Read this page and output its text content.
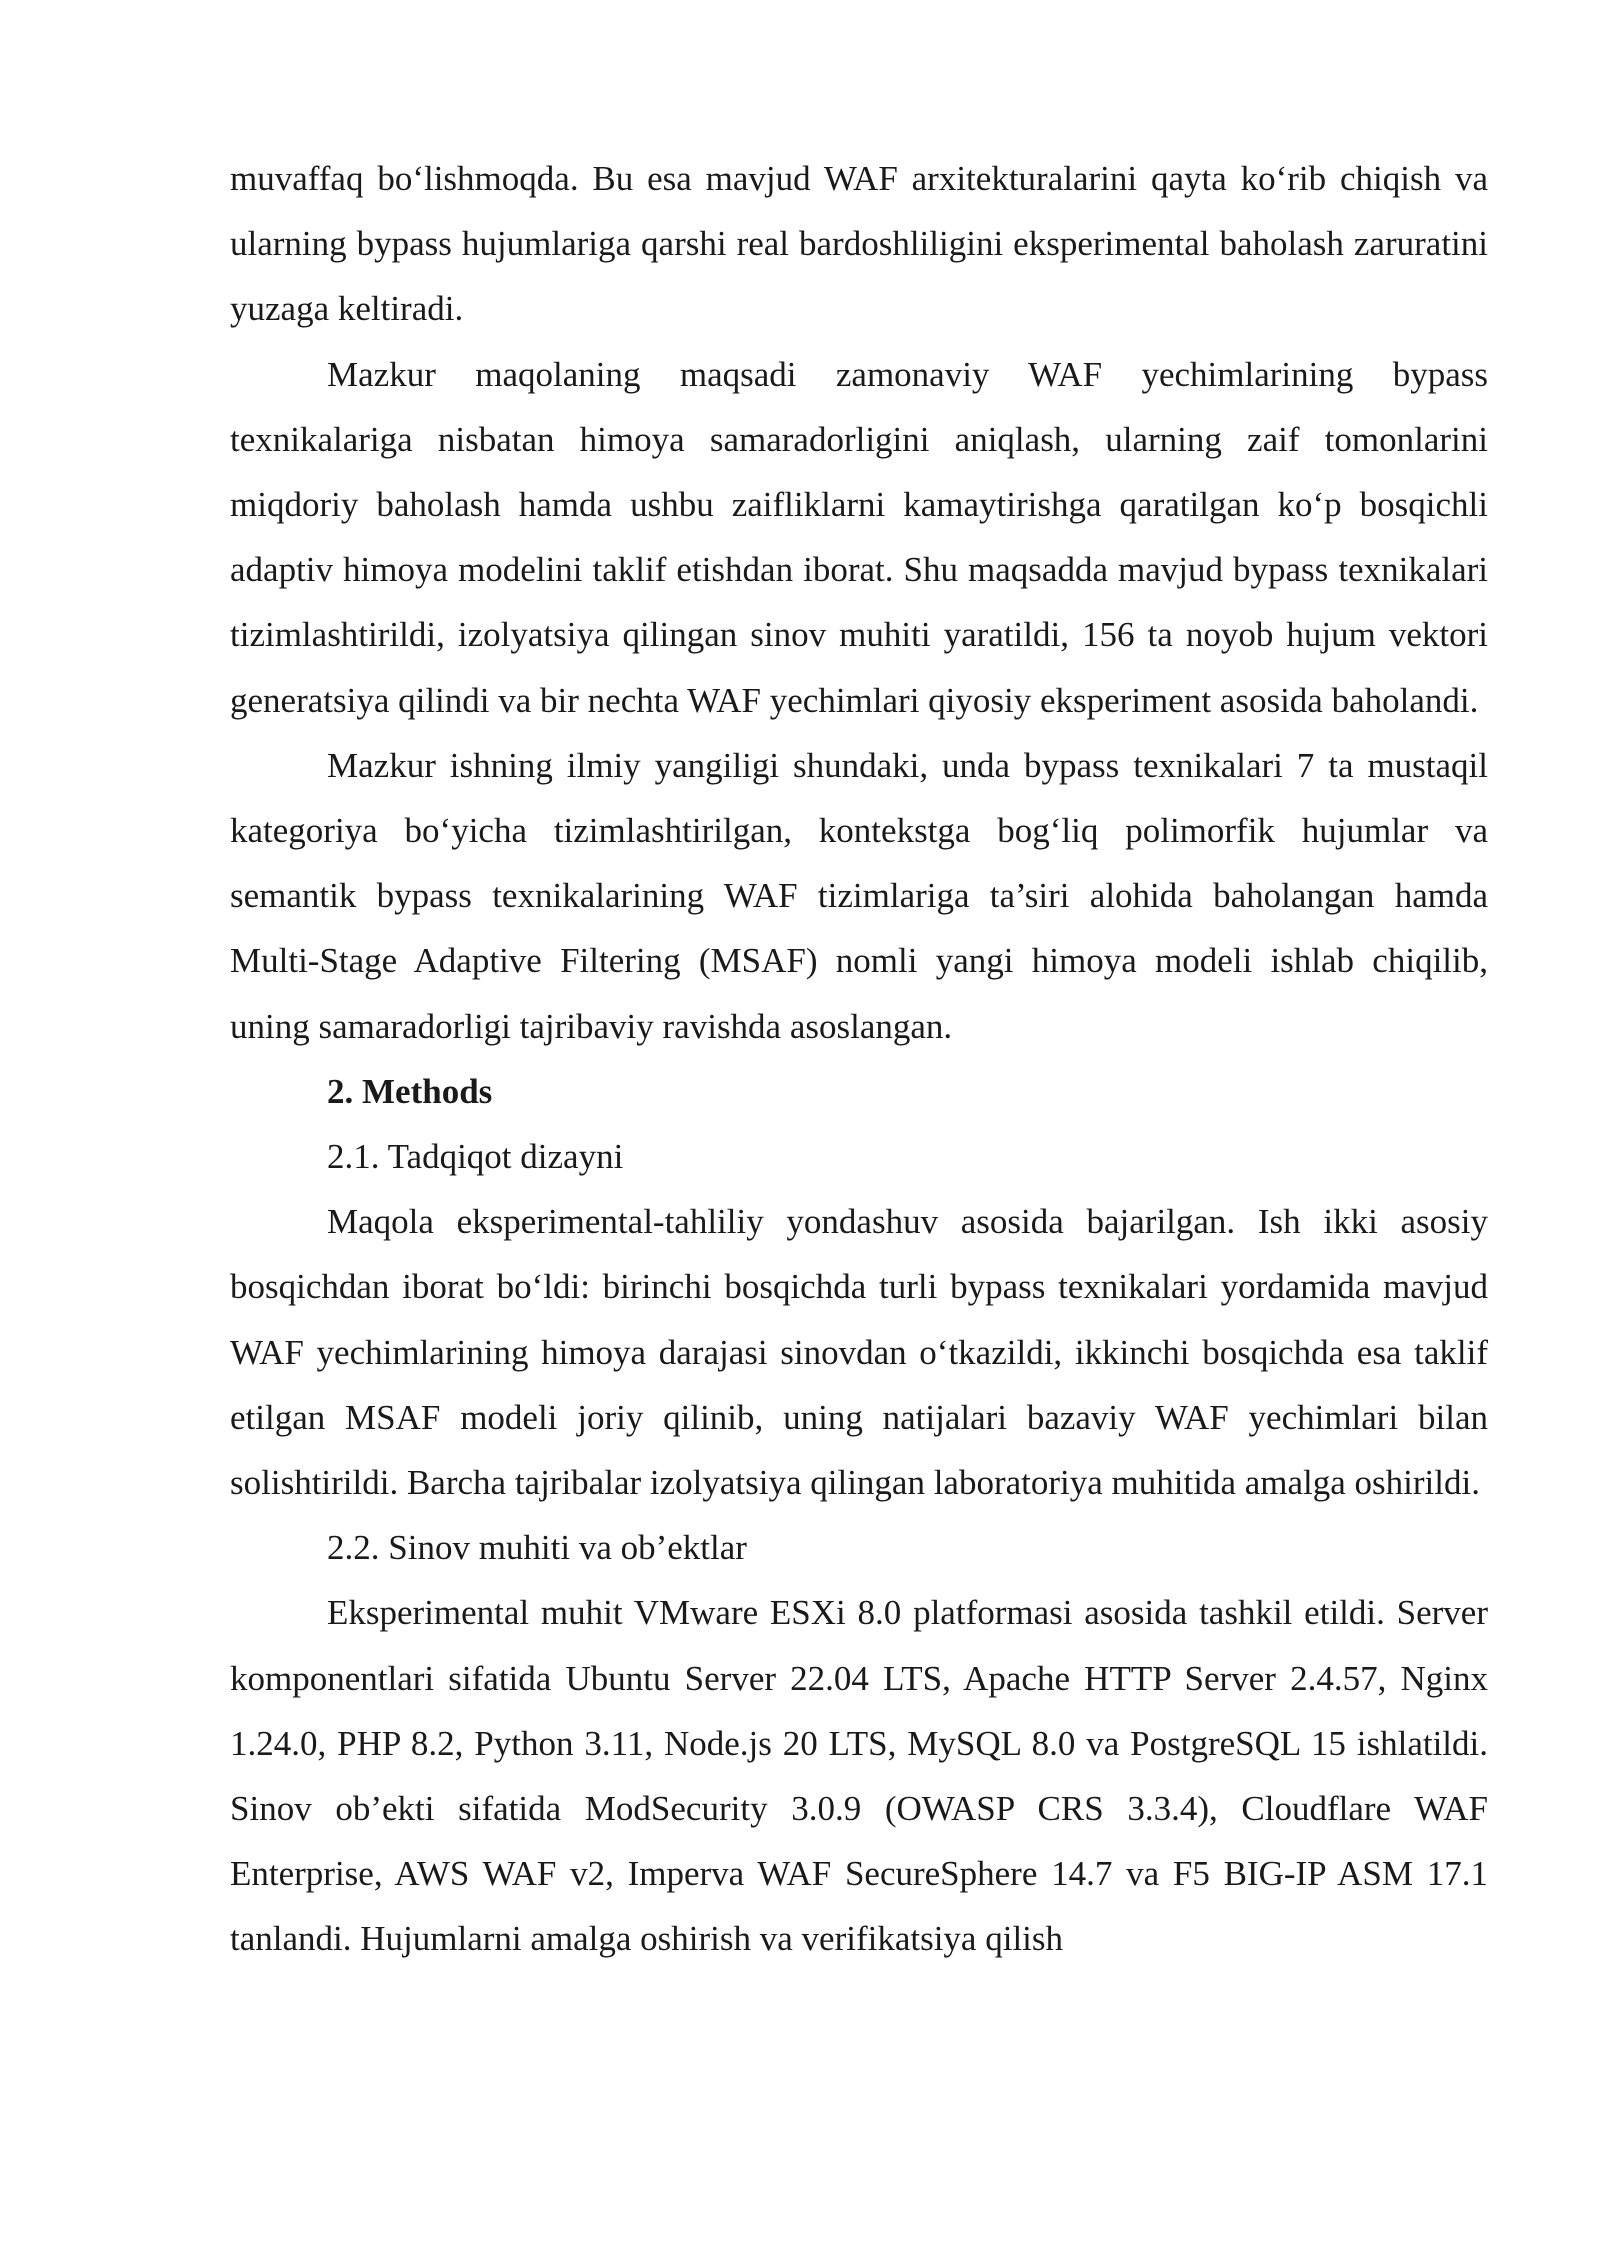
muvaffaq bo‘lishmoqda. Bu esa mavjud WAF arxitekturalarini qayta ko‘rib chiqish va ularning bypass hujumlariga qarshi real bardoshliligini eksperimental baholash zaruratini yuzaga keltiradi.

Mazkur maqolaning maqsadi zamonaviy WAF yechimlarining bypass texnikalariga nisbatan himoya samaradorligini aniqlash, ularning zaif tomonlarini miqdoriy baholash hamda ushbu zaifliklarni kamaytirishga qaratilgan ko‘p bosqichli adaptiv himoya modelini taklif etishdan iborat. Shu maqsadda mavjud bypass texnikalari tizimlashtirildi, izolyatsiya qilingan sinov muhiti yaratildi, 156 ta noyob hujum vektori generatsiya qilindi va bir nechta WAF yechimlari qiyosiy eksperiment asosida baholandi.

Mazkur ishning ilmiy yangiligi shundaki, unda bypass texnikalari 7 ta mustaqil kategoriya bo‘yicha tizimlashtirilgan, kontekstga bog‘liq polimorfik hujumlar va semantik bypass texnikalarining WAF tizimlariga ta’siri alohida baholangan hamda Multi-Stage Adaptive Filtering (MSAF) nomli yangi himoya modeli ishlab chiqilib, uning samaradorligi tajribaviy ravishda asoslangan.

2. Methods

2.1. Tadqiqot dizayni

Maqola eksperimental-tahliliy yondashuv asosida bajarilgan. Ish ikki asosiy bosqichdan iborat bo‘ldi: birinchi bosqichda turli bypass texnikalari yordamida mavjud WAF yechimlarining himoya darajasi sinovdan o‘tkazildi, ikkinchi bosqichda esa taklif etilgan MSAF modeli joriy qilinib, uning natijalari bazaviy WAF yechimlari bilan solishtirildi. Barcha tajribalar izolyatsiya qilingan laboratoriya muhitida amalga oshirildi.

2.2. Sinov muhiti va ob’ektlar

Eksperimental muhit VMware ESXi 8.0 platformasi asosida tashkil etildi. Server komponentlari sifatida Ubuntu Server 22.04 LTS, Apache HTTP Server 2.4.57, Nginx 1.24.0, PHP 8.2, Python 3.11, Node.js 20 LTS, MySQL 8.0 va PostgreSQL 15 ishlatildi. Sinov ob’ekti sifatida ModSecurity 3.0.9 (OWASP CRS 3.3.4), Cloudflare WAF Enterprise, AWS WAF v2, Imperva WAF SecureSphere 14.7 va F5 BIG-IP ASM 17.1 tanlandi. Hujumlarni amalga oshirish va verifikatsiya qilish
